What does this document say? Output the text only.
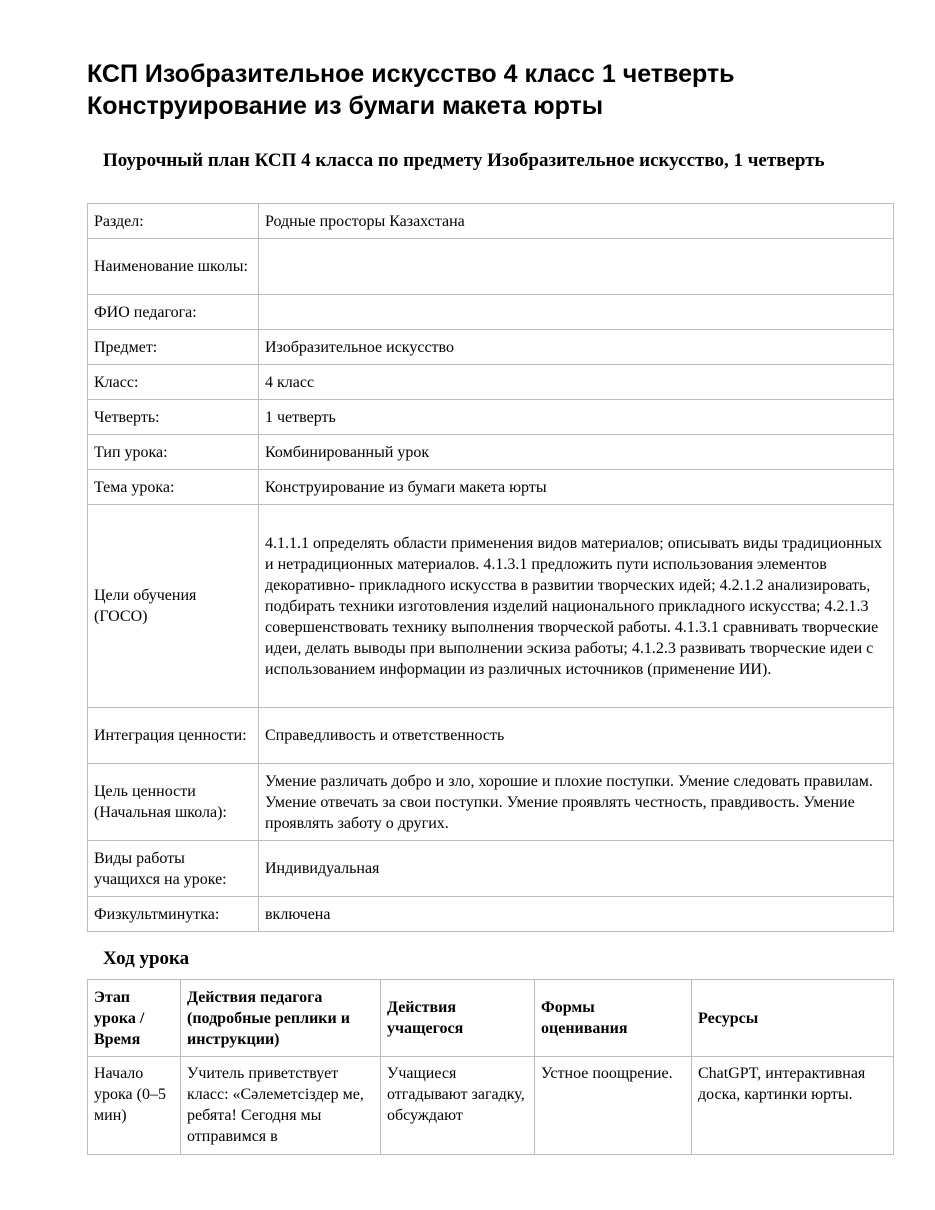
КСП Изобразительное искусство 4 класс 1 четверть
Конструирование из бумаги макета юрты
Поурочный план КСП 4 класса по предмету Изобразительное искусство, 1 четверть
Раздел:	Родные просторы Казахстана
Наименование школы:	
ФИО педагога:	
Предмет:	Изобразительное искусство
Класс:	4 класс
Четверть:	1 четверть
Тип урока:	Комбинированный урок
Тема урока:	Конструирование из бумаги макета юрты
Цели обучения (ГОСО)	4.1.1.1 определять области применения видов материалов; описывать виды традиционных и нетрадиционных материалов. 4.1.3.1 предложить пути использования элементов декоративно- прикладного искусства в развитии творческих идей; 4.2.1.2 анализировать, подбирать техники изготовления изделий национального прикладного искусства; 4.2.1.3 совершенствовать технику выполнения творческой работы. 4.1.3.1 сравнивать творческие идеи, делать выводы при выполнении эскиза работы; 4.1.2.3 развивать творческие идеи с использованием информации из различных источников (применение ИИ).
Интеграция ценности:	Справедливость и ответственность
Цель ценности (Начальная школа):	Умение различать добро и зло, хорошие и плохие поступки. Умение следовать правилам. Умение отвечать за свои поступки. Умение проявлять честность, правдивость. Умение проявлять заботу о других.
Виды работы учащихся на уроке:	Индивидуальная
Физкультминутка:	включена
Ход урока
Этап урока / Время	Действия педагога (подробные реплики и инструкции)	Действия учащегося	Формы оценивания	Ресурсы
Начало урока (0–5 мин)	Учитель приветствует класс: «Сәлеметсіздер ме, ребята! Сегодня мы отправимся в	Учащиеся отгадывают загадку, обсуждают	Устное поощрение.	ChatGPT, интерактивная доска, картинки юрты.
